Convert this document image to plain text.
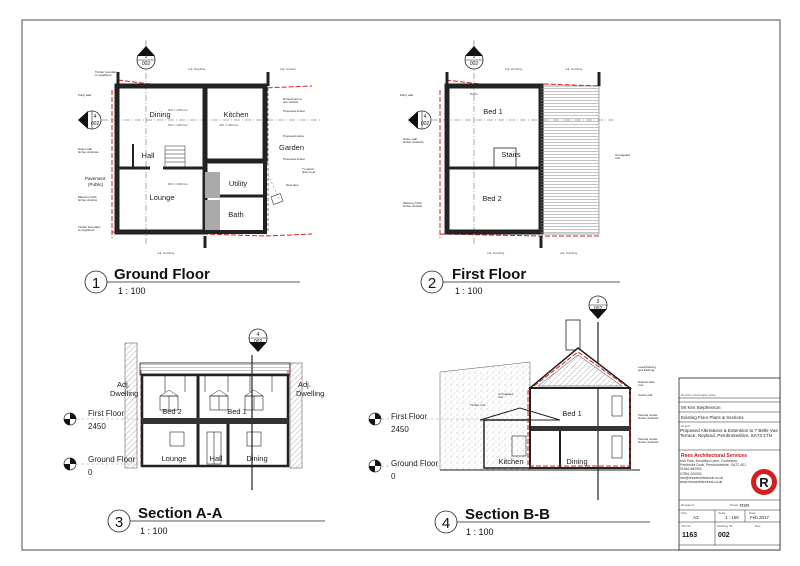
3
002
4
002
600 x 1200mm
500 x 1200mm
600 x 1500mm
300 x 1200mm
Timber boundary
to neighbour
Party wall
Stone wall
timber windows
Masonry brick
timber window
Timber boundary
to neighbour
Dimensions to
site verified
Proposed timber
Proposed stone
Proposed timber
Tv aerial
drain post
New pipe
Dining	Kitchen
Hall
Lounge
Utility
Bath
Garden
Pavement (Public)
Adj. Dwelling	Adj. Garden
Adj. Dwelling
1
Ground Floor
1 : 100
3
002
4
002
Party wall
Stone wall
timber windows
Masonry brick
timber window
Corrugated
roof
Purlin
Bed 1
Bed 2
Stairs
Adj. Dwelling	Adj. Dwelling
Adj. Dwelling	Adj. Dwelling
2
First Floor
1 : 100
4
002
Adj. Dwelling
Adj. Dwelling
Bed 2	Bed 1
Lounge	Hall	Dining
First Floor
2450
Ground Floor
0
3
Section A-A
1 : 100
3
002
Lead flashing
and flashing
Natural slate
roof
Cavity wall
Painted render
timber windows
Painted render
timber windows
Corrugated
roof
Timber roof
Bed 1
Kitchen	Dining
First Floor
2450
Ground Floor
0
4
Section B-B
1 : 100
Revision Description Date
Mr Kim Stephenson
Existing Floor Plans & Sections
Project
Proposed Alterations & Extension to 7 Belle Vue Terrace, Neyland, Pembrokeshire, SA73 1TN
Rees Architectural Services
Ash Park, Broadford Lane, Cosheston, Pembroke Dock, Pembrokeshire, SA72 4SJ
01646 680000
07891 000000
info@reesarchitectural.co.uk
www.reesarchitectural.co.uk	R
Designed	Drawn RSR
Size	Scale	Date
A3	1 : 100 Feb 2017
Job No.	Drawing No.	Rev.
1163	002
